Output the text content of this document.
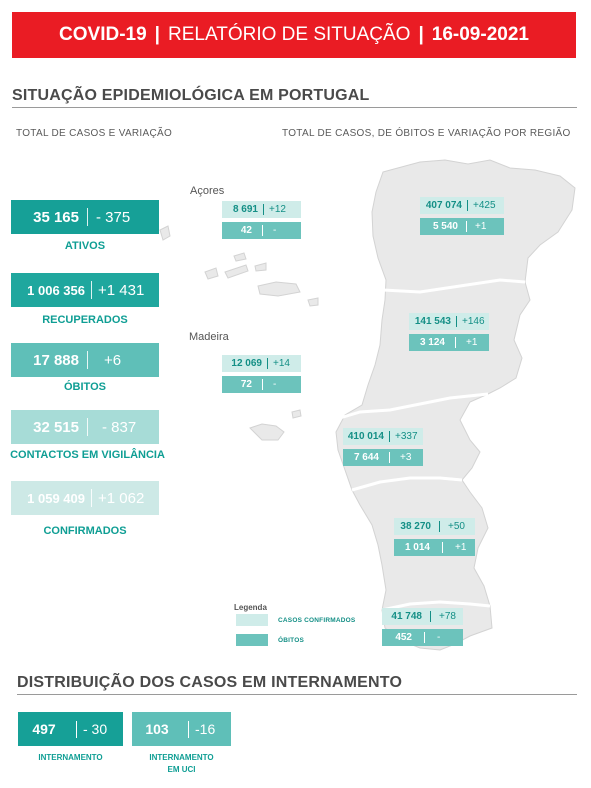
COVID-19 | RELATÓRIO DE SITUAÇÃO | 16-09-2021
SITUAÇÃO EPIDEMIOLÓGICA EM PORTUGAL
TOTAL DE CASOS E VARIAÇÃO	TOTAL DE CASOS, DE ÓBITOS E VARIAÇÃO POR REGIÃO
35 165 - 375
ATIVOS
1 006 356 +1 431
RECUPERADOS
17 888 +6
ÓBITOS
32 515 - 837
CONTACTOS EM VIGILÂNCIA
1 059 409 +1 062
CONFIRMADOS
Açores
Madeira
8 691 +12
42 -
12 069 +14
72 -
407 074 +425
5 540 +1
141 543 +146
3 124 +1
410 014 +337
7 644 +3
38 270 +50
1 014	+1
41 748 +78
452	-
Legenda
CASOS CONFIRMADOS
ÓBITOS
DISTRIBUIÇÃO DOS CASOS EM INTERNAMENTO
497	- 30
INTERNAMENTO
103	-16
INTERNAMENTO
EM UCI
